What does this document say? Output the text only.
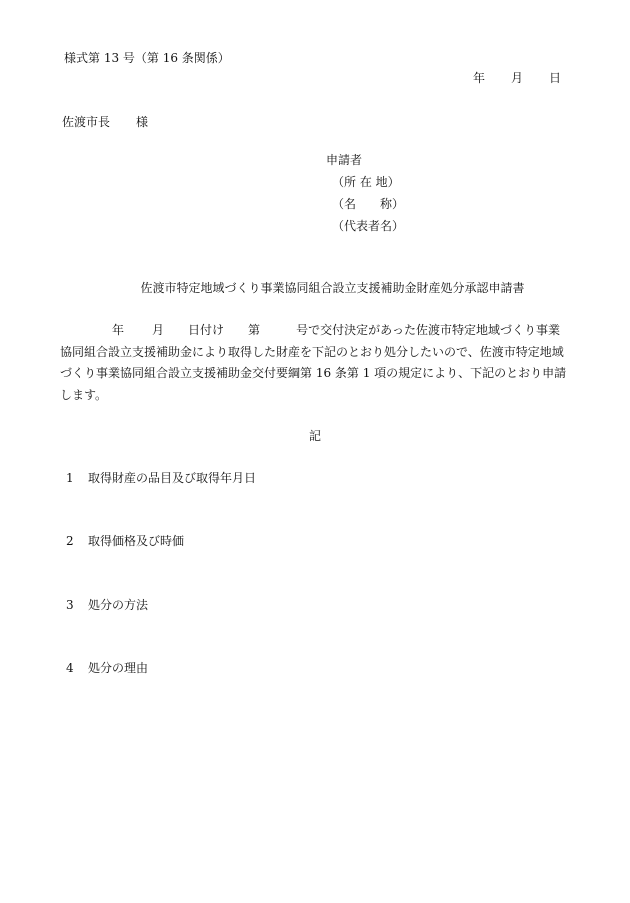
様式第 13 号（第 16 条関係）
年 月 日
佐渡市長 様
申請者
（所 在 地）
（名　　称）
（代表者名）
佐渡市特定地域づくり事業協同組合設立支援補助金財産処分承認申請書
年 月 日付け 第	号で交付決定があった佐渡市特定地域づくり事業協同組合設立支援補助金により取得した財産を下記のとおり処分したいので、佐渡市特定地域づくり事業協同組合設立支援補助金交付要綱第 16 条第 1 項の規定により、下記のとおり申請します。
記
1 取得財産の品目及び取得年月日
2 取得価格及び時価
3 処分の方法
4 処分の理由
